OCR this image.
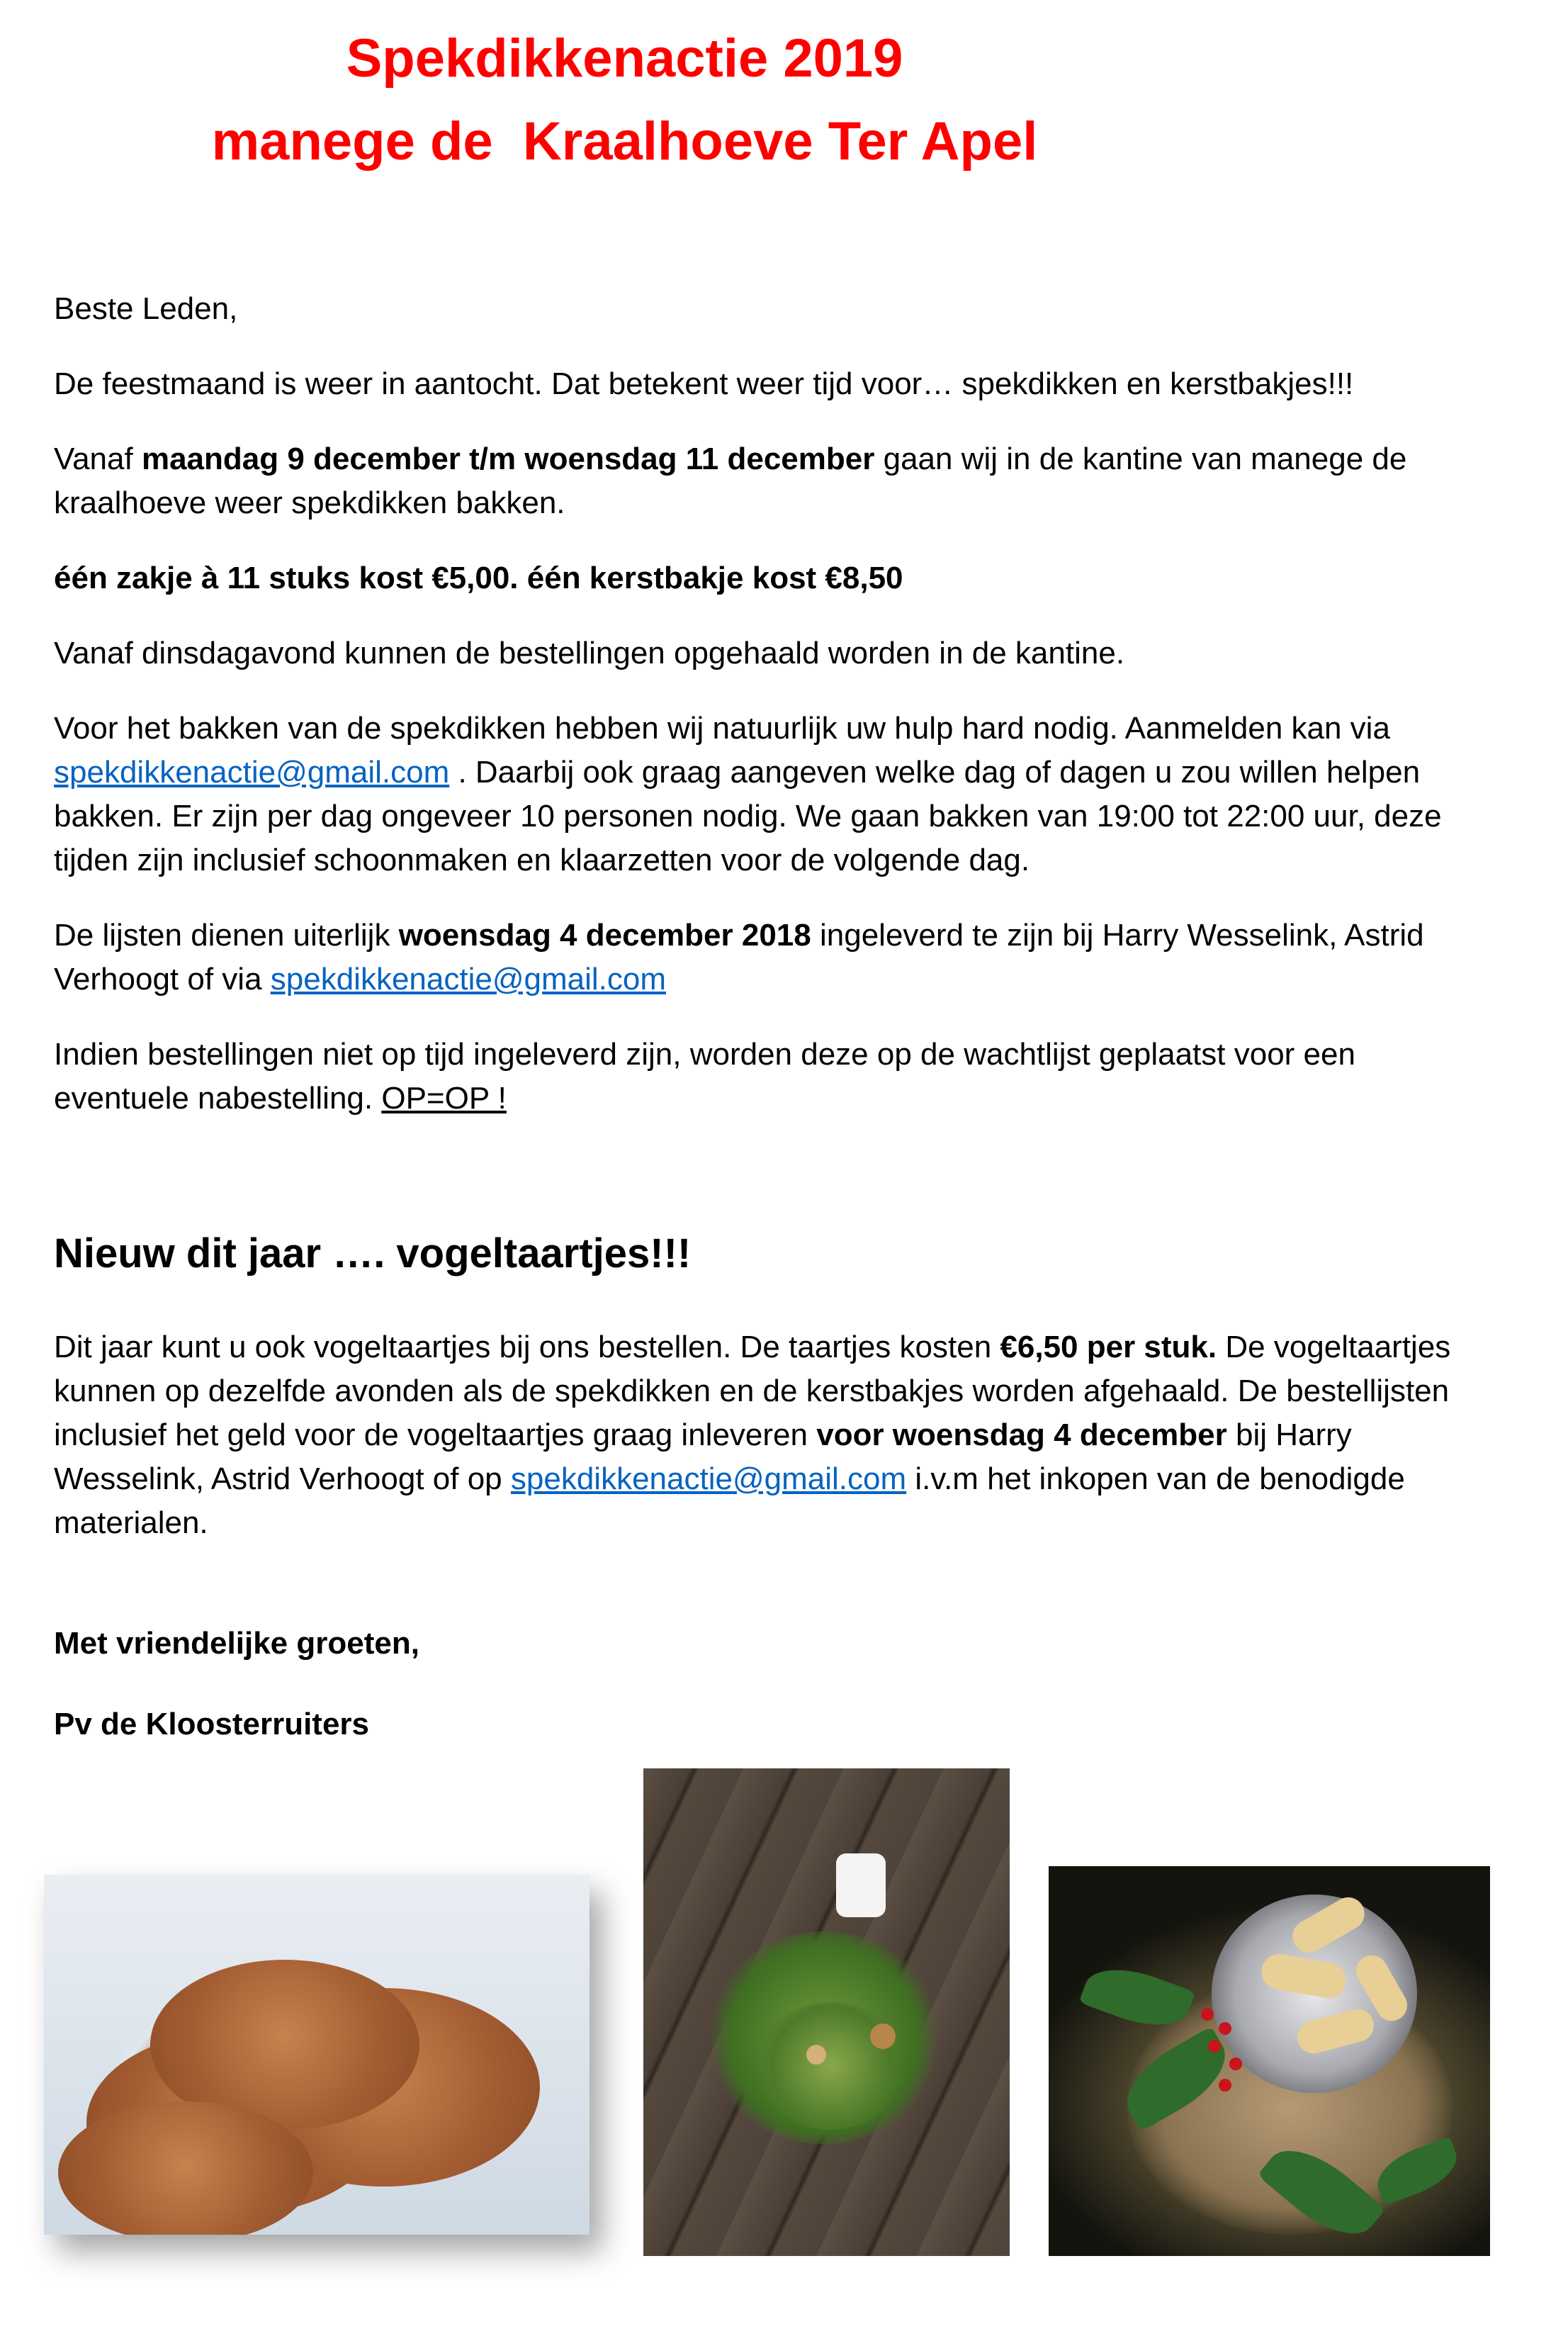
Spekdikkenactie 2019
manege de  Kraalhoeve Ter Apel

Beste Leden,

De feestmaand is weer in aantocht. Dat betekent weer tijd voor… spekdikken en kerstbakjes!!!

Vanaf maandag 9 december t/m woensdag 11 december gaan wij in de kantine van manege de kraalhoeve weer spekdikken bakken.

één zakje à 11 stuks kost €5,00. één kerstbakje kost €8,50

Vanaf dinsdagavond kunnen de bestellingen opgehaald worden in de kantine.

Voor het bakken van de spekdikken hebben wij natuurlijk uw hulp hard nodig. Aanmelden kan via spekdikkenactie@gmail.com . Daarbij ook graag aangeven welke dag of dagen u zou willen helpen bakken. Er zijn per dag ongeveer 10 personen nodig. We gaan bakken van 19:00 tot 22:00 uur, deze tijden zijn inclusief schoonmaken en klaarzetten voor de volgende dag.

De lijsten dienen uiterlijk woensdag 4 december 2018 ingeleverd te zijn bij Harry Wesselink, Astrid Verhoogt of via spekdikkenactie@gmail.com

Indien bestellingen niet op tijd ingeleverd zijn, worden deze op de wachtlijst geplaatst voor een eventuele nabestelling. OP=OP !

Nieuw dit jaar …. vogeltaartjes!!!

Dit jaar kunt u ook vogeltaartjes bij ons bestellen. De taartjes kosten €6,50 per stuk. De vogeltaartjes kunnen op dezelfde avonden als de spekdikken en de kerstbakjes worden afgehaald. De bestellijsten inclusief het geld voor de vogeltaartjes graag inleveren voor woensdag 4 december bij Harry Wesselink, Astrid Verhoogt of op spekdikkenactie@gmail.com i.v.m het inkopen van de benodigde materialen.

Met vriendelijke groeten,

Pv de Kloosterruiters
